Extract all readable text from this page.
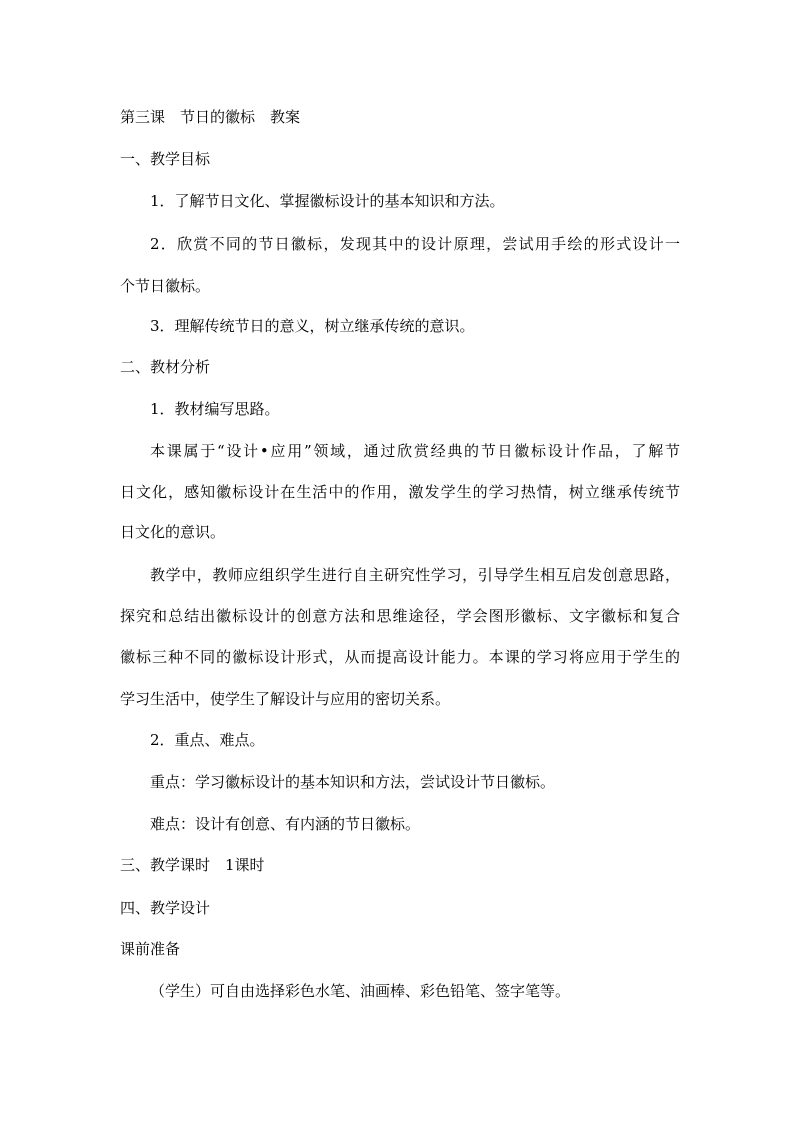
第三课　节日的徽标　教案
一、教学目标
1．了解节日文化、掌握徽标设计的基本知识和方法。
2．欣赏不同的节日徽标，发现其中的设计原理，尝试用手绘的形式设计一
个节日徽标。
3．理解传统节日的意义，树立继承传统的意识。
二、教材分析
1．教材编写思路。
本课属于“设计•应用”领域，通过欣赏经典的节日徽标设计作品，了解节
日文化，感知徽标设计在生活中的作用，激发学生的学习热情，树立继承传统节
日文化的意识。
教学中，教师应组织学生进行自主研究性学习，引导学生相互启发创意思路，
探究和总结出徽标设计的创意方法和思维途径，学会图形徽标、文字徽标和复合
徽标三种不同的徽标设计形式，从而提高设计能力。本课的学习将应用于学生的
学习生活中，使学生了解设计与应用的密切关系。
2．重点、难点。
重点：学习徽标设计的基本知识和方法，尝试设计节日徽标。
难点：设计有创意、有内涵的节日徽标。
三、教学课时　1课时
四、教学设计
课前准备
（学生）可自由选择彩色水笔、油画棒、彩色铅笔、签字笔等。
